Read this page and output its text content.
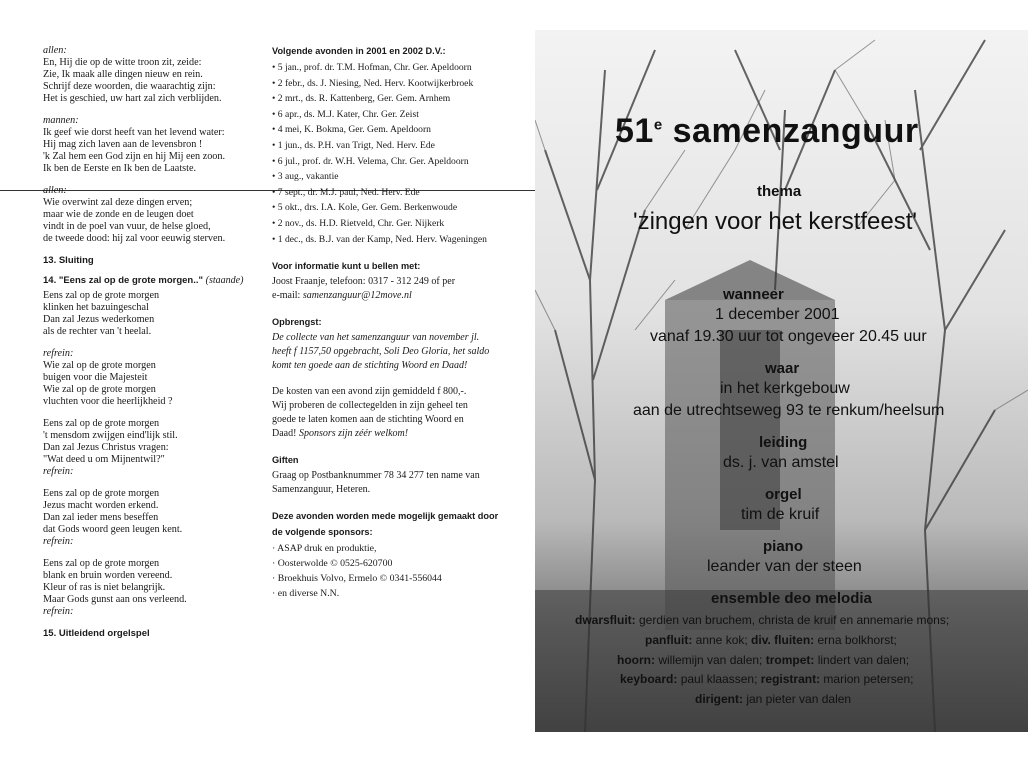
allen:
En, Hij die op de witte troon zit, zeide:
Zie, Ik maak alle dingen nieuw en rein.
Schrijf deze woorden, die waarachtig zijn:
Het is geschied, uw hart zal zich verblijden.
mannen:
Ik geef wie dorst heeft van het levend water:
Hij mag zich laven aan de levensbron !
'k Zal hem een God zijn en hij Mij een zoon.
Ik ben de Eerste en Ik ben de Laatste.
allen:
Wie overwint zal deze dingen erven;
maar wie de zonde en de leugen doet
vindt in de poel van vuur, de helse gloed,
de tweede dood: hij zal voor eeuwig sterven.
13. Sluiting
14. "Eens zal op de grote morgen.." (staande)
Eens zal op de grote morgen
klinken het bazuingeschal
Dan zal Jezus wederkomen
als de rechter van 't heelal.
refrein:
Wie zal op de grote morgen
buigen voor die Majesteit
Wie zal op de grote morgen
vluchten voor die heerlijkheid ?
Eens zal op de grote morgen
't mensdom zwijgen eind'lijk stil.
Dan zal Jezus Christus vragen:
"Wat deed u om Mijnentwil?"
refrein:
Eens zal op de grote morgen
Jezus macht worden erkend.
Dan zal ieder mens beseffen
dat Gods woord geen leugen kent.
refrein:
Eens zal op de grote morgen
blank en bruin worden vereend.
Kleur of ras is niet belangrijk.
Maar Gods gunst aan ons verleend.
refrein:
15. Uitleidend orgelspel
Volgende avonden in 2001 en 2002 D.V.:
• 5 jan., prof. dr. T.M. Hofman, Chr. Ger. Apeldoorn
• 2 febr., ds. J. Niesing, Ned. Herv. Kootwijkerbroek
• 2 mrt., ds. R. Kattenberg, Ger. Gem. Arnhem
• 6 apr., ds. M.J. Kater, Chr. Ger. Zeist
• 4 mei, K. Bokma, Ger. Gem. Apeldoorn
• 1 jun., ds. P.H. van Trigt, Ned. Herv. Ede
• 6 jul., prof. dr. W.H. Velema, Chr. Ger. Apeldoorn
• 3 aug., vakantie
• 7 sept., dr. M.J. paul, Ned. Herv. Ede
• 5 okt., drs. I.A. Kole, Ger. Gem. Berkenwoude
• 2 nov., ds. H.D. Rietveld, Chr. Ger. Nijkerk
• 1 dec., ds. B.J. van der Kamp, Ned. Herv. Wageningen
Voor informatie kunt u bellen met:
Joost Fraanje, telefoon: 0317 - 312 249 of per
e-mail: samenzanguur@12move.nl
Opbrengst:
De collecte van het samenzanguur van november jl.
heeft f 1157,50 opgebracht, Soli Deo Gloria, het saldo
komt ten goede aan de stichting Woord en Daad!
De kosten van een avond zijn gemiddeld f 800,-.
Wij proberen de collectegelden in zijn geheel ten
goede te laten komen aan de stichting Woord en
Daad! Sponsors zijn zéér welkom!
Giften
Graag op Postbanknummer 78 34 277 ten name van
Samenzanguur, Heteren.
Deze avonden worden mede mogelijk gemaakt door
de volgende sponsors:
· ASAP druk en produktie,
· Oosterwolde © 0525-620700
· Broekhuis Volvo, Ermelo © 0341-556044
· en diverse N.N.
51e samenzanguur
thema
'zingen voor het kerstfeest'
wanneer
1 december 2001
vanaf 19.30 uur tot ongeveer 20.45 uur
waar
in het kerkgebouw
aan de utrechtseweg 93 te renkum/heelsum
leiding
ds. j. van amstel
orgel
tim de kruif
piano
leander van der steen
ensemble deo melodia
dwarsfluit: gerdien van bruchem, christa de kruif en annemarie mons;
panfluit: anne kok; div. fluiten: erna bolkhorst;
hoorn: willemijn van dalen; trompet: lindert van dalen;
keyboard: paul klaassen; registrant: marion petersen;
dirigent: jan pieter van dalen
